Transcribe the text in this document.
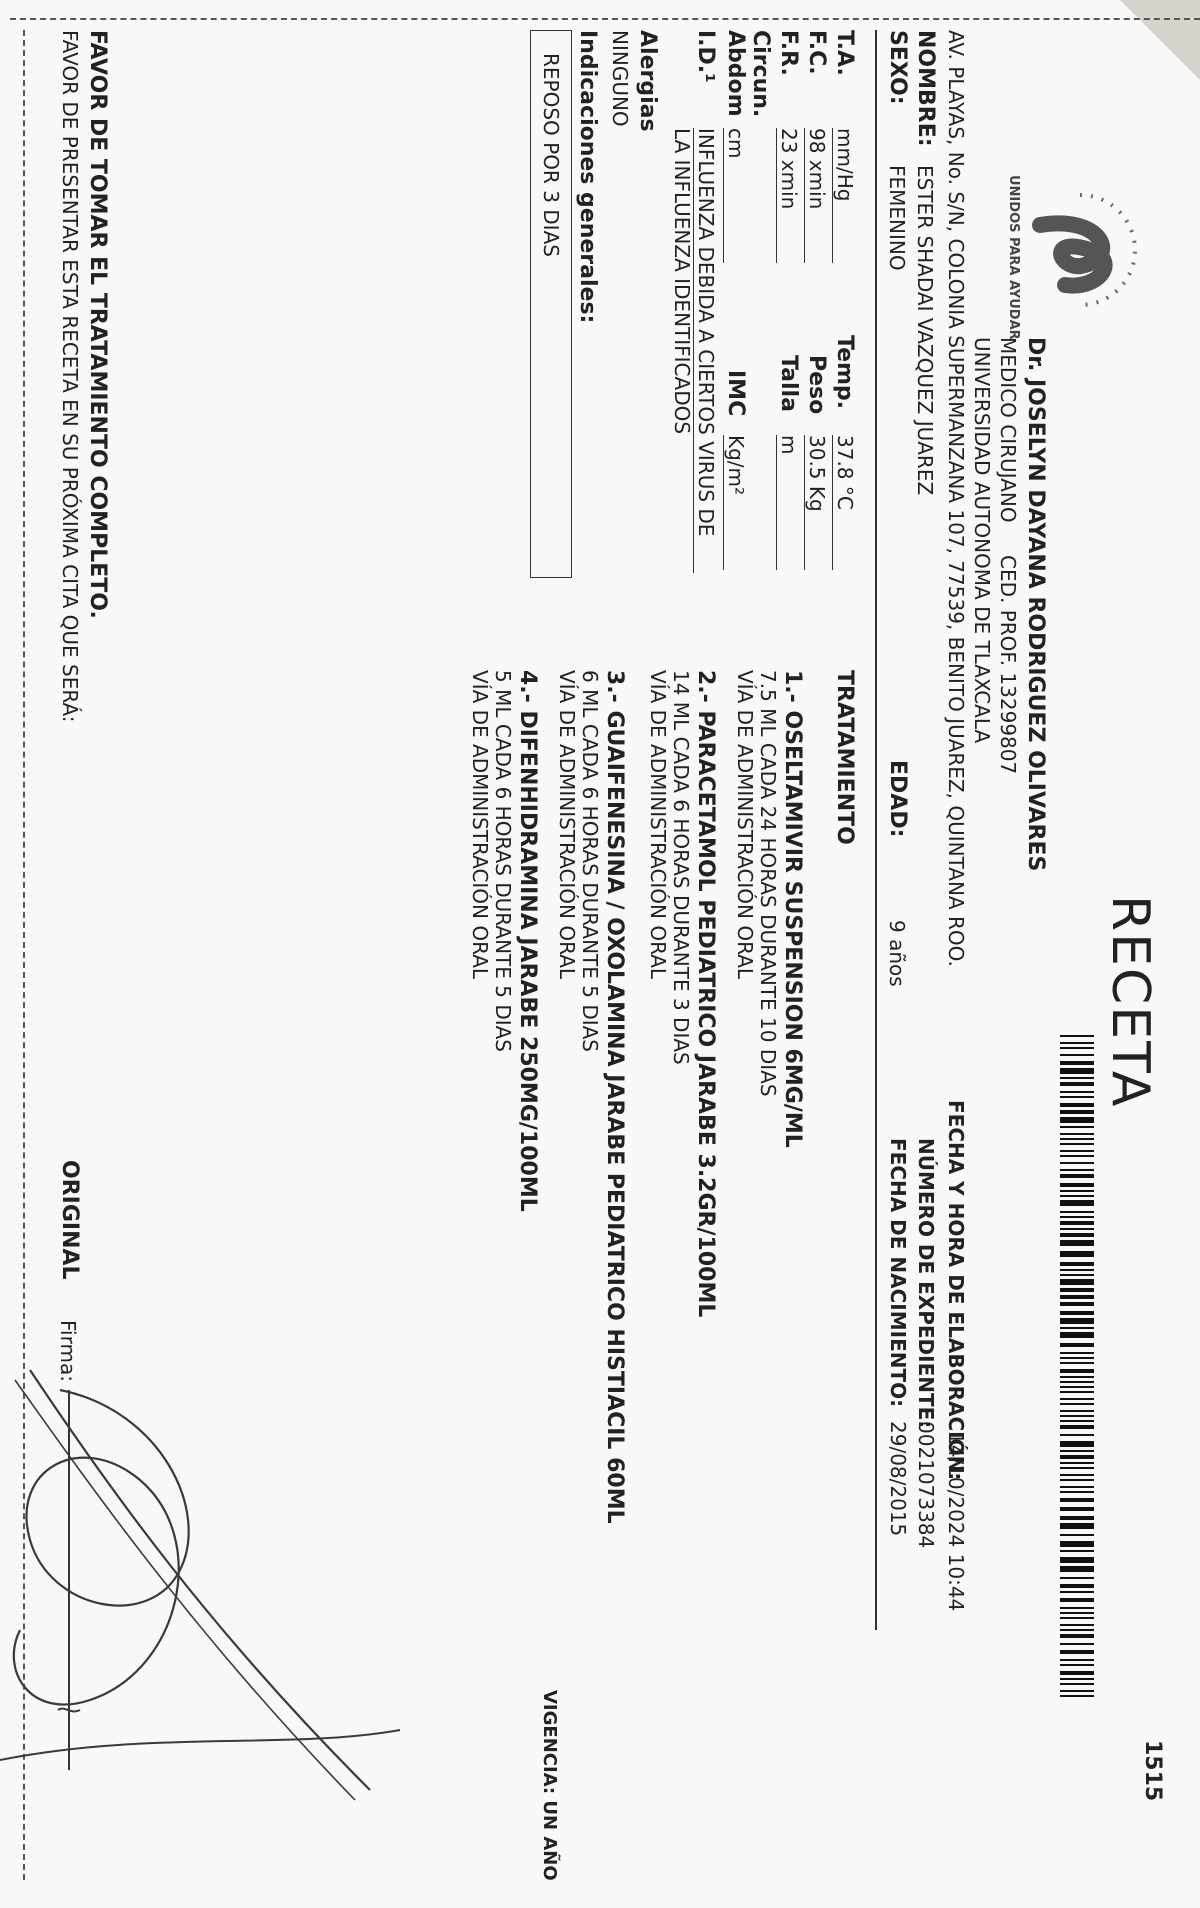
UNIDOS PARA AYUDAR
RECETA
1515
Dr. JOSELYN DAYANA RODRIGUEZ OLIVARES
MEDICO CIRUJANO
CED. PROF. 13299807
UNIVERSIDAD AUTONOMA DE TLAXCALA
AV. PLAYAS, No. S/N, COLONIA SUPERMANZANA 107, 77539, BENITO JUAREZ, QUINTANA ROO.
FECHA Y HORA DE ELABORACIÓN:
14/10/2024 10:44
NÚMERO DE EXPEDIENTE:
0021073384
FECHA DE NACIMIENTO:
29/08/2015
NOMBRE:
ESTER SHADAI VAZQUEZ JUAREZ
SEXO:
FEMENINO
EDAD:
9 años
T.A.
mm/Hg
F.C.
98 xmin
F.R.
23 xmin
Circun.
Abdom
cm
Temp.
37.8 °C
Peso
30.5 Kg
Talla
m
IMC
Kg/m²
I.D.¹
INFLUENZA DEBIDA A CIERTOS VIRUS DE
LA INFLUENZA IDENTIFICADOS
Alergias
NINGUNO
Indicaciones generales:
REPOSO POR 3 DIAS
TRATAMIENTO
1.- OSELTAMIVIR SUSPENSION 6MG/ML
7.5 ML CADA 24 HORAS DURANTE 10 DIAS
VÍA DE ADMINISTRACIÓN ORAL
2.- PARACETAMOL PEDIATRICO JARABE 3.2GR/100ML
14 ML CADA 6 HORAS DURANTE 3 DIAS
VÍA DE ADMINISTRACIÓN ORAL
3.- GUAIFENESINA / OXOLAMINA JARABE PEDIATRICO HISTIACIL 60ML
6 ML CADA 6 HORAS DURANTE 5 DIAS
VÍA DE ADMINISTRACIÓN ORAL
4.- DIFENHIDRAMINA JARABE 250MG/100ML
5 ML CADA 6 HORAS DURANTE 5 DIAS
VÍA DE ADMINISTRACIÓN ORAL
FAVOR DE TOMAR EL TRATAMIENTO COMPLETO.
FAVOR DE PRESENTAR ESTA RECETA EN SU PRÓXIMA CITA QUE SERÁ:
ORIGINAL
Firma:
VIGENCIA: UN AÑO
